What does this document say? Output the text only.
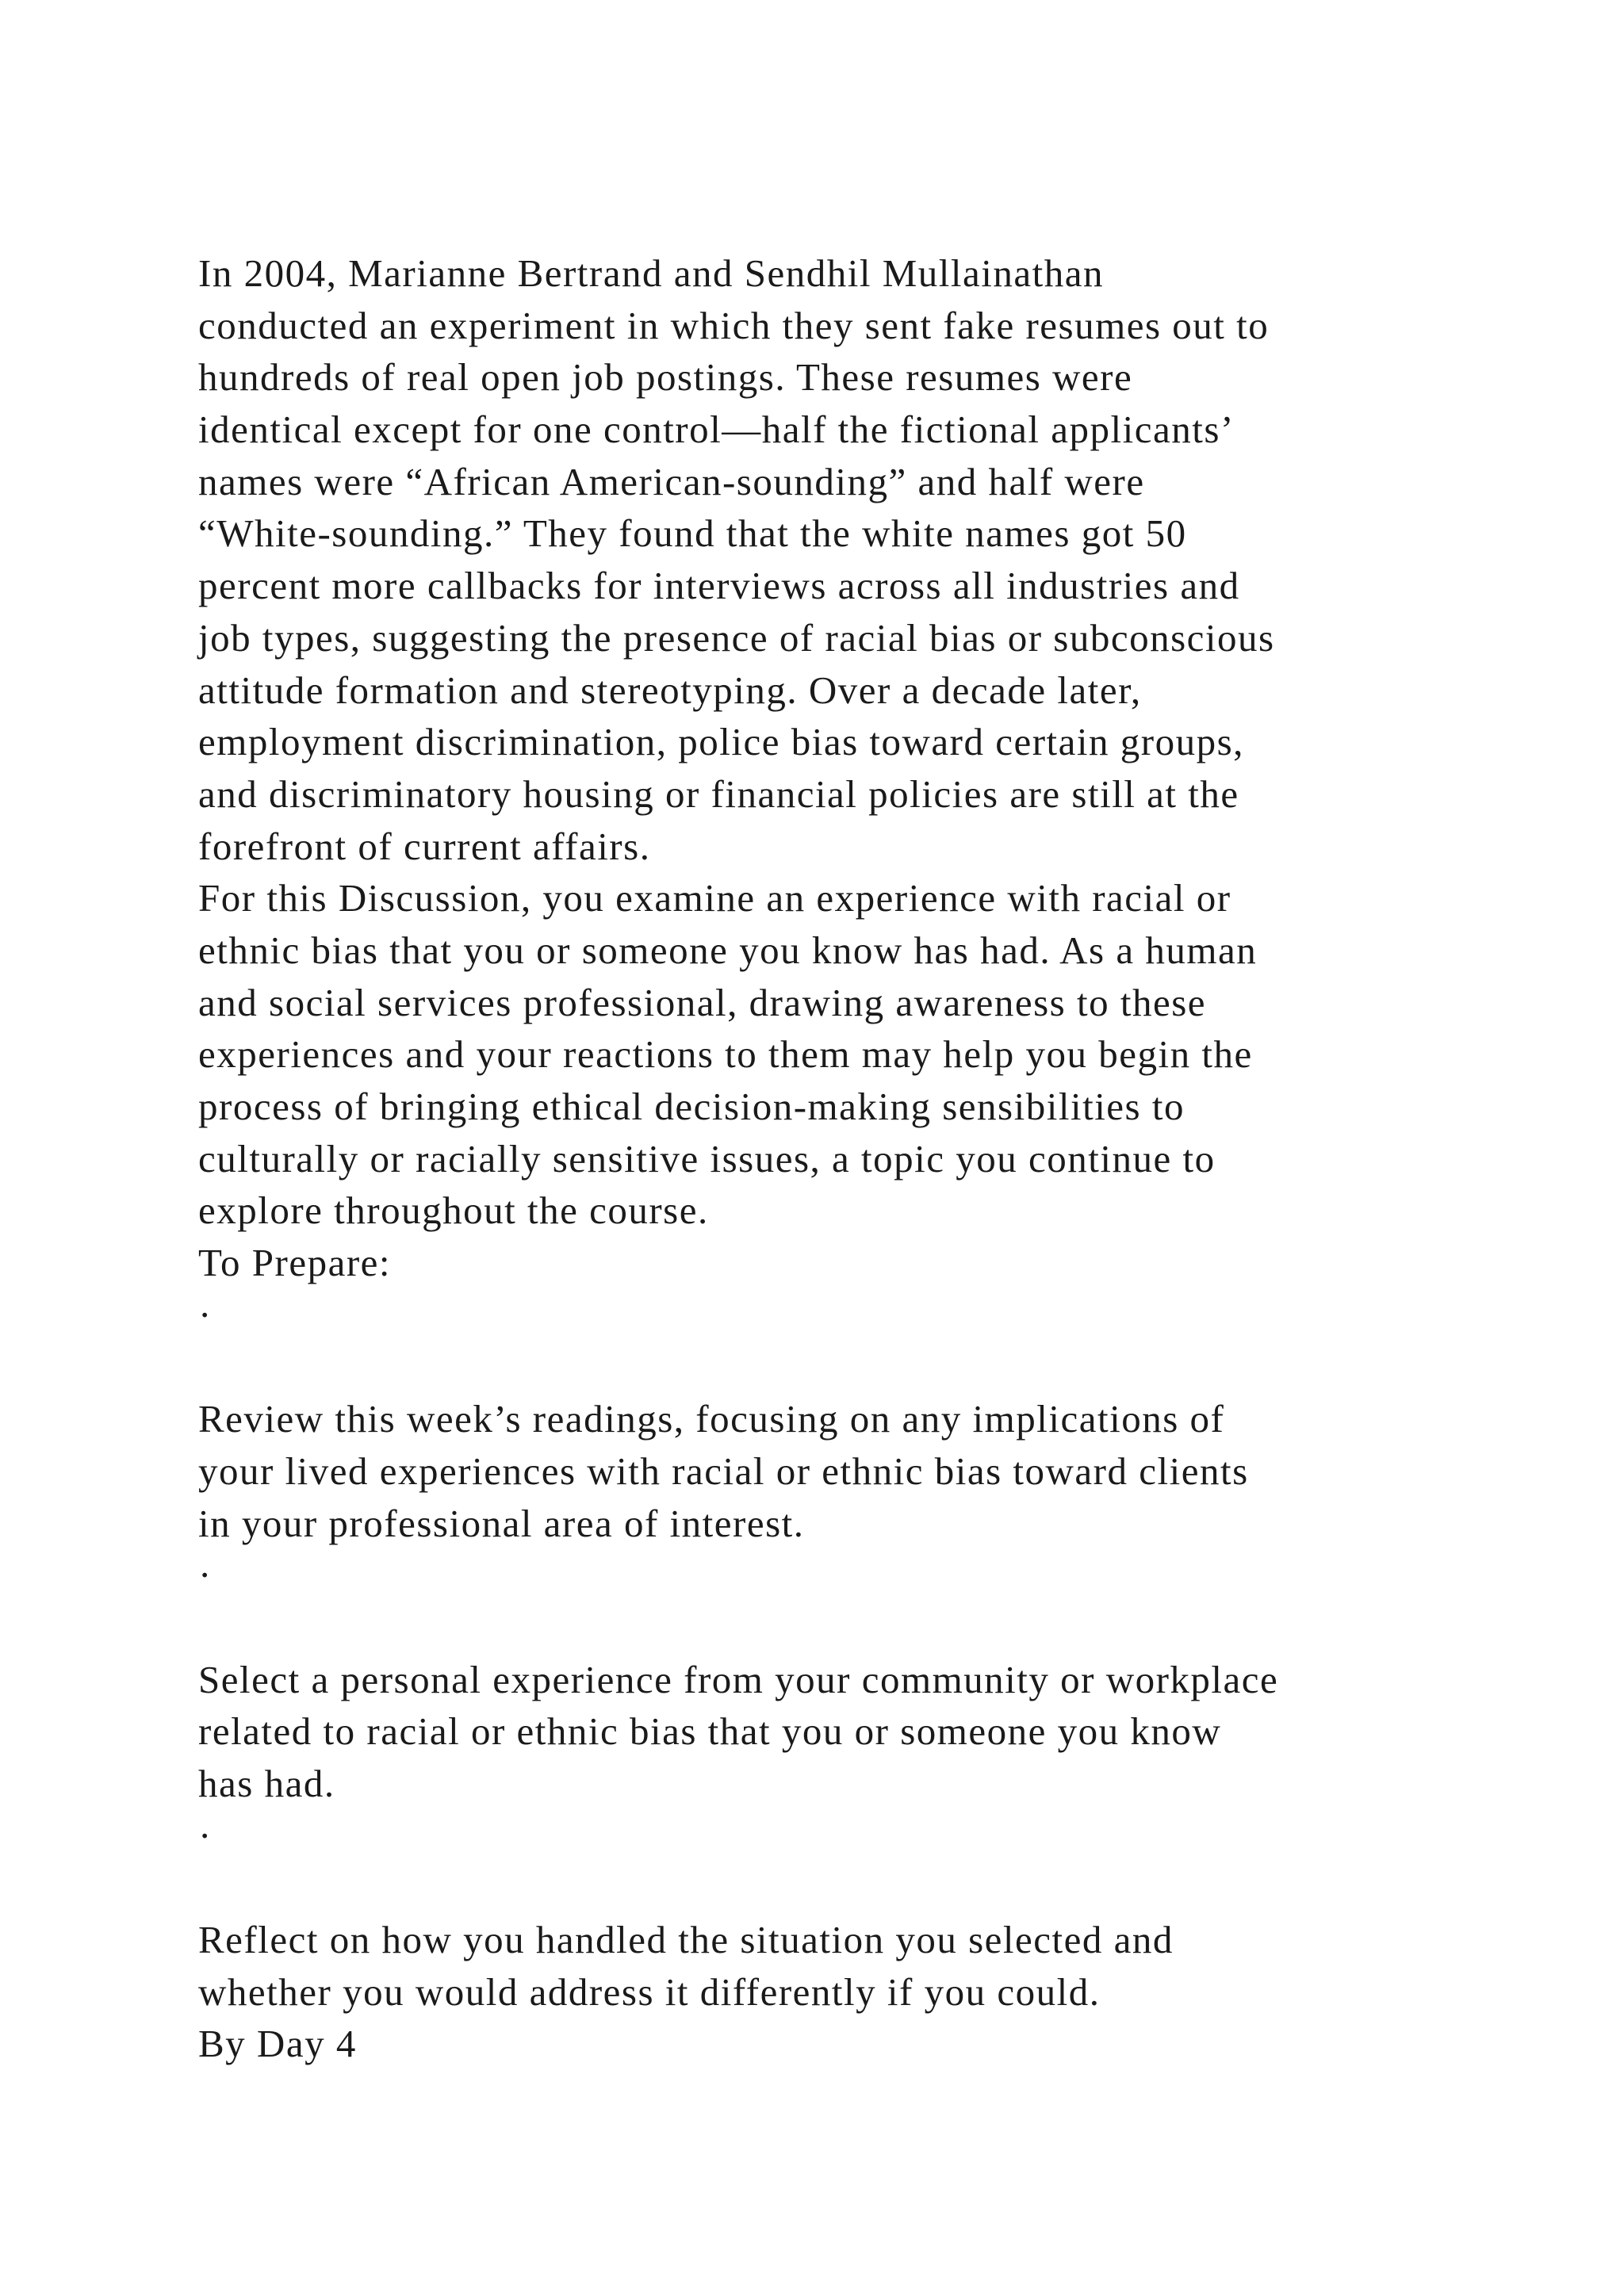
In 2004, Marianne Bertrand and Sendhil Mullainathan
conducted an experiment in which they sent fake resumes out to
hundreds of real open job postings. These resumes were
identical except for one control—half the fictional applicants’
names were “African American-sounding” and half were
“White-sounding.” They found that the white names got 50
percent more callbacks for interviews across all industries and
job types, suggesting the presence of racial bias or subconscious
attitude formation and stereotyping. Over a decade later,
employment discrimination, police bias toward certain groups,
and discriminatory housing or financial policies are still at the
forefront of current affairs.
For this Discussion, you examine an experience with racial or
ethnic bias that you or someone you know has had. As a human
and social services professional, drawing awareness to these
experiences and your reactions to them may help you begin the
process of bringing ethical decision-making sensibilities to
culturally or racially sensitive issues, a topic you continue to
explore throughout the course.
To Prepare:
·
Review this week’s readings, focusing on any implications of
your lived experiences with racial or ethnic bias toward clients
in your professional area of interest.
·
Select a personal experience from your community or workplace
related to racial or ethnic bias that you or someone you know
has had.
·
Reflect on how you handled the situation you selected and
whether you would address it differently if you could.
By Day 4
